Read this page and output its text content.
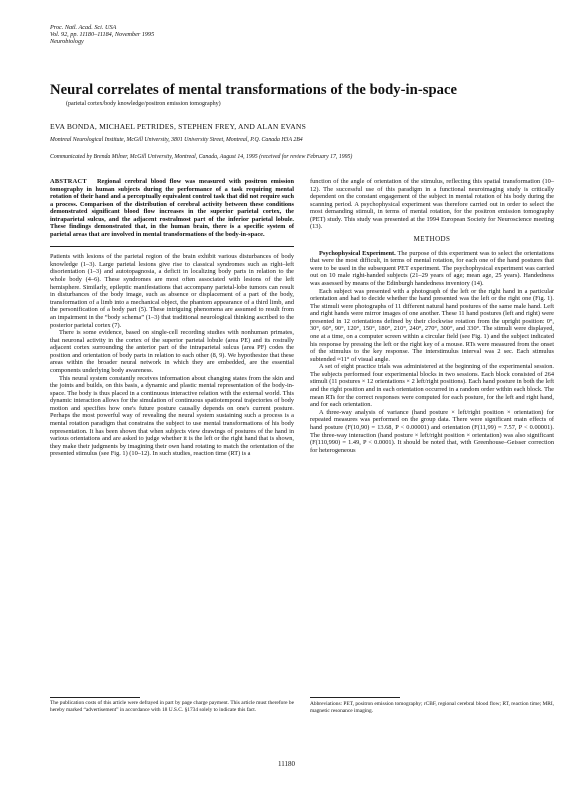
Proc. Natl. Acad. Sci. USA
Vol. 92, pp. 11180–11184, November 1995
Neurobiology
Neural correlates of mental transformations of the body-in-space
(parietal cortex/body knowledge/positron emission tomography)
EVA BONDA, MICHAEL PETRIDES, STEPHEN FREY, AND ALAN EVANS
Montreal Neurological Institute, McGill University, 3801 University Street, Montreal, P.Q. Canada H3A 2B4
Communicated by Brenda Milner, McGill University, Montreal, Canada, August 14, 1995 (received for review February 17, 1995)

ABSTRACT Regional cerebral blood flow was measured with positron emission tomography in human subjects during the performance of a task requiring mental rotation of their hand and a perceptually equivalent control task that did not require such a process. Comparison of the distribution of cerebral activity between these conditions demonstrated significant blood flow increases in the superior parietal cortex, the intraparietal sulcus, and the adjacent rostralmost part of the inferior parietal lobule. These findings demonstrated that, in the human brain, there is a specific system of parietal areas that are involved in mental transformations of the body-in-space.

Patients with lesions of the parietal region of the brain exhibit various disturbances of body knowledge (1–3). Large parietal lesions give rise to classical syndromes such as right–left disorientation (1–3) and autotopagnosia, a deficit in localizing body parts in relation to the whole body (4–6). These syndromes are most often associated with lesions of the left hemisphere. Similarly, epileptic manifestations that accompany parietal-lobe tumors can result in disturbances of the body image, such as absence or displacement of a part of the body, transformation of a limb into a mechanical object, the phantom appearance of a third limb, and the personification of a body part (5). These intriguing phenomena are assumed to result from an impairment in the “body schema” (1–3) that traditional neurological thinking ascribed to the posterior parietal cortex (7).

There is some evidence, based on single-cell recording studies with nonhuman primates, that neuronal activity in the cortex of the superior parietal lobule (area PE) and its rostrally adjacent cortex surrounding the anterior part of the intraparietal sulcus (area PF) codes the position and orientation of body parts in relation to each other (8, 9). We hypothesize that these areas within the broader neural network in which they are embedded, are the essential components underlying body awareness.

This neural system constantly receives information about changing states from the skin and the joints and builds, on this basis, a dynamic and plastic mental representation of the body-in-space. The body is thus placed in a continuous interactive relation with the external world. This dynamic interaction allows for the simulation of continuous spatiotemporal trajectories of body motion and specifies how one's future posture causally depends on one's current posture. Perhaps the most powerful way of revealing the neural system sustaining such a process is a mental rotation paradigm that constrains the subject to use mental transformations of his body representation. It has been shown that when subjects view drawings of postures of the hand in various orientations and are asked to judge whether it is the left or the right hand that is shown, they make their judgments by imagining their own hand rotating to match the orientation of the presented stimulus (see Fig. 1) (10–12). In such studies, reaction time (RT) is a

function of the angle of orientation of the stimulus, reflecting this spatial transformation (10–12). The successful use of this paradigm in a functional neuroimaging study is critically dependent on the constant engagement of the subject in mental rotation of his body during the scanning period. A psychophysical experiment was therefore carried out in order to select the most demanding stimuli, in terms of mental rotation, for the positron emission tomography (PET) study. This study was presented at the 1994 European Society for Neuroscience meeting (13).

METHODS

Psychophysical Experiment. The purpose of this experiment was to select the orientations that were the most difficult, in terms of mental rotation, for each one of the hand postures that were to be used in the subsequent PET experiment. The psychophysical experiment was carried out on 10 male right-handed subjects (21–29 years of age; mean age, 25 years). Handedness was assessed by means of the Edinburgh handedness inventory (14).

Each subject was presented with a photograph of the left or the right hand in a particular orientation and had to decide whether the hand presented was the left or the right one (Fig. 1). The stimuli were photographs of 11 different natural hand postures of the same male hand. Left and right hands were mirror images of one another. These 11 hand postures (left and right) were presented in 12 orientations defined by their clockwise rotation from the upright position: 0°, 30°, 60°, 90°, 120°, 150°, 180°, 210°, 240°, 270°, 300°, and 330°. The stimuli were displayed, one at a time, on a computer screen within a circular field (see Fig. 1) and the subject indicated his response by pressing the left or the right key of a mouse. RTs were measured from the onset of the stimulus to the key response. The interstimulus interval was 2 sec. Each stimulus subtended ≈11° of visual angle.

A set of eight practice trials was administered at the beginning of the experimental session. The subjects performed four experimental blocks in two sessions. Each block consisted of 264 stimuli (11 postures × 12 orientations × 2 left/right positions). Each hand posture in both the left and the right position and in each orientation occurred in a random order within each block. The mean RTs for the correct responses were computed for each posture, for the left and right hand, and for each orientation.

A three-way analysis of variance (hand posture × left/right position × orientation) for repeated measures was performed on the group data. There were significant main effects of hand posture (F(10,90) = 13.68, P < 0.00001) and orientation (F(11,99) = 7.57, P < 0.00001). The three-way interaction (hand posture × left/right position × orientation) was also significant (F(110,990) = 1.49, P < 0.0001). It should be noted that, with Greenhouse–Geisser correction for heterogeneous

The publication costs of this article were defrayed in part by page charge payment. This article must therefore be hereby marked “advertisement” in accordance with 18 U.S.C. §1734 solely to indicate this fact.
Abbreviations: PET, positron emission tomography; rCBF, regional cerebral blood flow; RT, reaction time; MRI, magnetic resonance imaging.
11180
